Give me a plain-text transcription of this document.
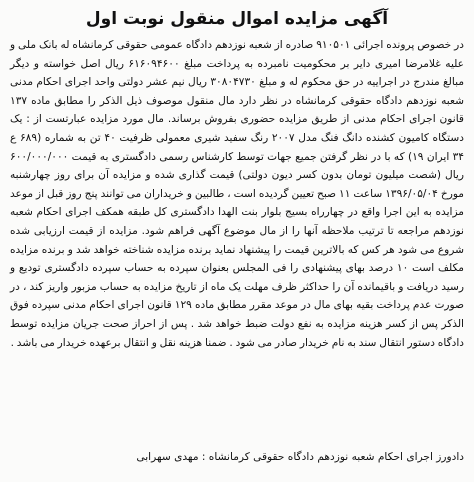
آگهی مزایده اموال منقول نوبت اول

در خصوص پرونده اجرائی ۹۱۰۵۰۱ صادره از شعبه نوزدهم دادگاه عمومی حقوقی کرمانشاه له بانک ملی و علیه غلامرضا امیری دایر بر محکومیت نامبرده به پرداخت مبلغ ۶۱۶۰۹۴۶۰۰ ریال اصل خواسته و دیگر مبالغ مندرج در اجراییه در حق محکوم له و مبلغ ۳۰۸۰۴۷۳۰ ریال نیم عشر دولتی واحد اجرای احکام مدنی شعبه نوزدهم دادگاه حقوقی کرمانشاه در نظر دارد مال منقول موصوف ذیل الذکر را مطابق ماده ۱۳۷ قانون اجرای احکام مدنی از طریق مزایده حضوری بفروش برساند. مال مورد مزایده عبارتست از : یک دستگاه کامیون کشنده دانگ فنگ مدل ۲۰۰۷ رنگ سفید شیری معمولی ظرفیت ۴۰ تن به شماره (۶۸۹ ع ۳۴ ایران ۱۹) که با در نظر گرفتن جمیع جهات توسط کارشناس رسمی دادگستری به قیمت ۶۰۰/۰۰۰/۰۰۰ ریال (شصت میلیون تومان بدون کسر دیون دولتی) قیمت گذاری شده و مزایده آن برای روز چهارشنبه مورخ ۱۳۹۶/۰۵/۰۴ ساعت ۱۱ صبح تعیین گردیده است ، طالبین و خریداران می توانند پنج روز قبل از موعد مزایده به این اجرا واقع در چهارراه بسیج بلوار بنت الهدا دادگستری کل طبقه همکف اجرای احکام شعبه نوزدهم مراجعه تا ترتیب ملاحظه آنها را از مال موضوع آگهی فراهم شود. مزایده از قیمت ارزیابی شده شروع می شود هر کس که بالاترین قیمت را پیشنهاد نماید برنده مزایده شناخته خواهد شد و برنده مزایده مکلف است ۱۰ درصد بهای پیشنهادی را فی المجلس بعنوان سپرده به حساب سپرده دادگستری تودیع و رسید دریافت و باقیمانده آن را حداکثر ظرف مهلت یک ماه از تاریخ مزایده به حساب مزبور واریز کند ، در صورت عدم پرداخت بقیه بهای مال در موعد مقرر مطابق ماده ۱۲۹ قانون اجرای احکام مدنی سپرده فوق الذکر پس از کسر هزینه مزایده به نفع دولت ضبط خواهد شد . پس از احراز صحت جریان مزایده توسط دادگاه دستور انتقال سند به نام خریدار صادر می شود . ضمنا هزینه نقل و انتقال برعهده خریدار می باشد .

دادورز اجرای احکام شعبه نوزدهم دادگاه حقوقی کرمانشاه : مهدی سهرابی
